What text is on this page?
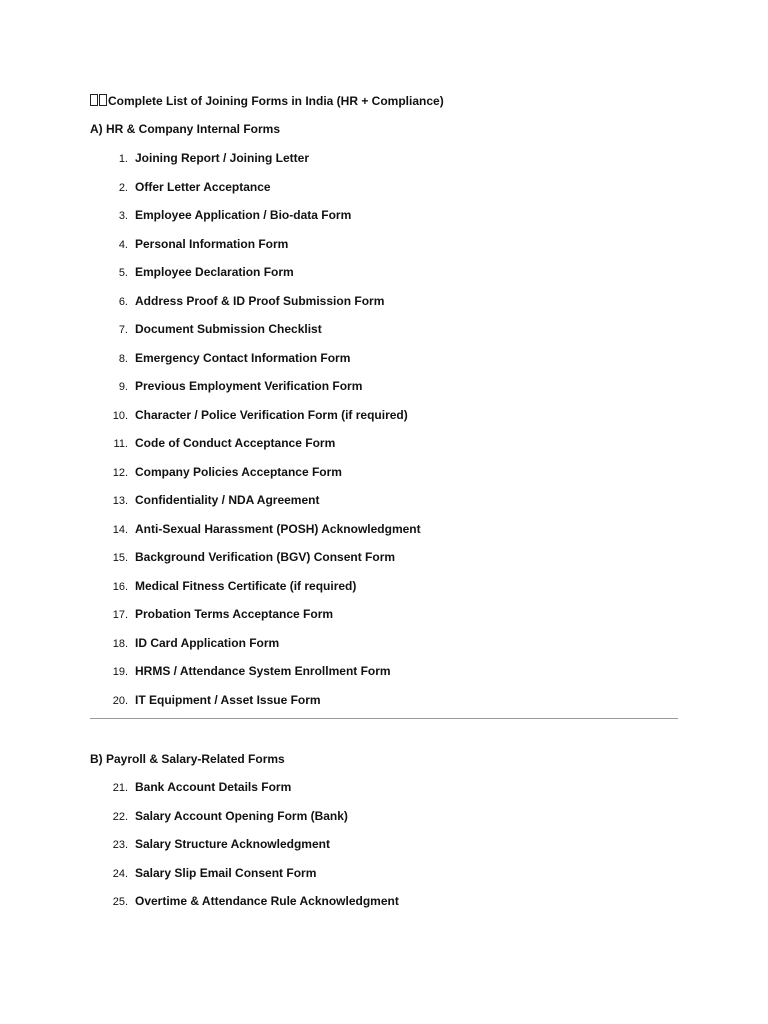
Complete List of Joining Forms in India (HR + Compliance)
A) HR & Company Internal Forms
1. Joining Report / Joining Letter
2. Offer Letter Acceptance
3. Employee Application / Bio-data Form
4. Personal Information Form
5. Employee Declaration Form
6. Address Proof & ID Proof Submission Form
7. Document Submission Checklist
8. Emergency Contact Information Form
9. Previous Employment Verification Form
10. Character / Police Verification Form (if required)
11. Code of Conduct Acceptance Form
12. Company Policies Acceptance Form
13. Confidentiality / NDA Agreement
14. Anti-Sexual Harassment (POSH) Acknowledgment
15. Background Verification (BGV) Consent Form
16. Medical Fitness Certificate (if required)
17. Probation Terms Acceptance Form
18. ID Card Application Form
19. HRMS / Attendance System Enrollment Form
20. IT Equipment / Asset Issue Form
B) Payroll & Salary-Related Forms
21. Bank Account Details Form
22. Salary Account Opening Form (Bank)
23. Salary Structure Acknowledgment
24. Salary Slip Email Consent Form
25. Overtime & Attendance Rule Acknowledgment
